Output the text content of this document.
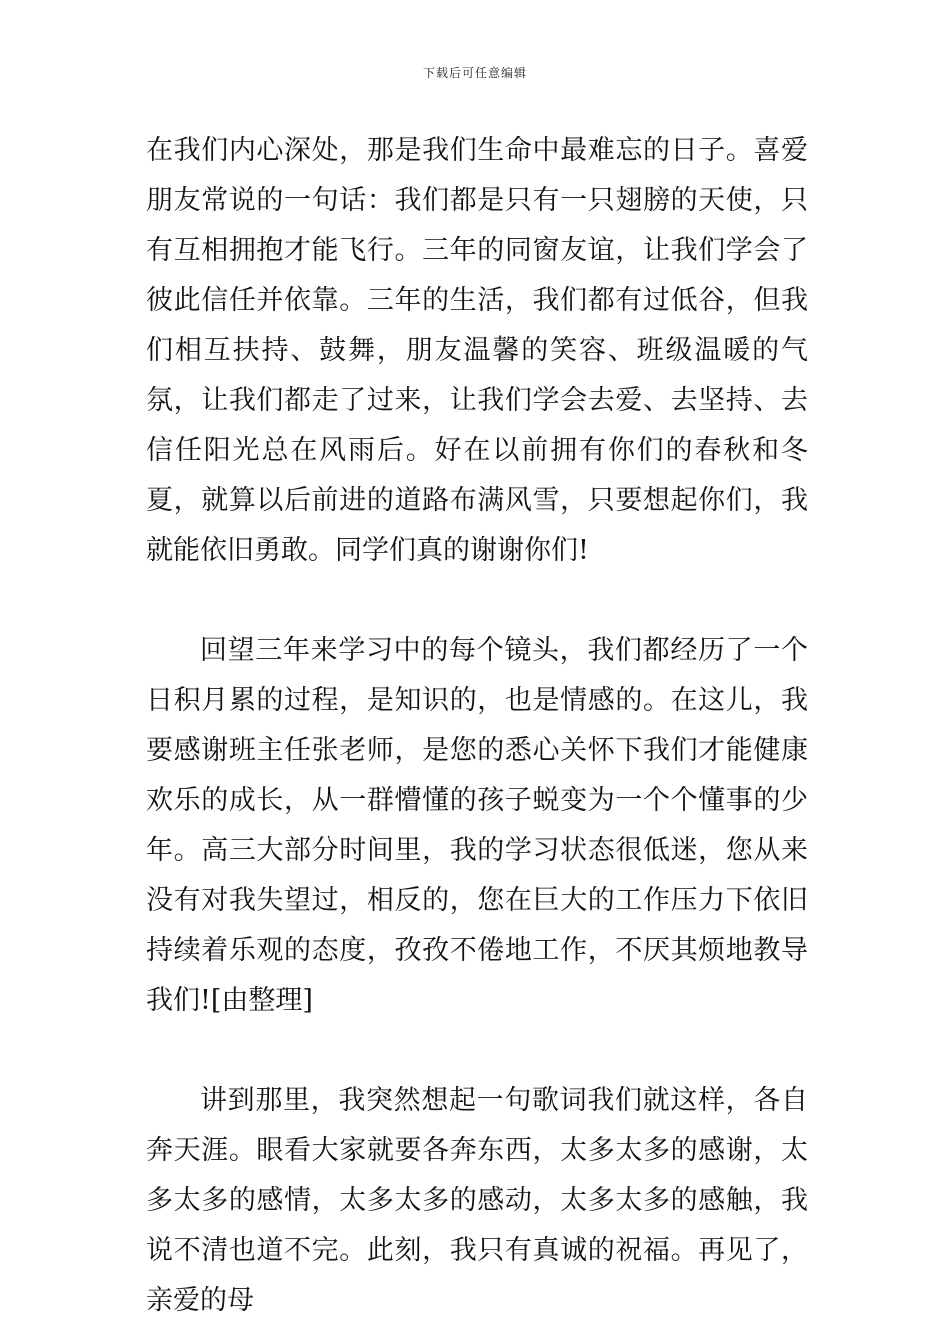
下载后可任意编辑

在我们内心深处，那是我们生命中最难忘的日子。喜爱朋友常说的一句话：我们都是只有一只翅膀的天使，只有互相拥抱才能飞行。三年的同窗友谊，让我们学会了彼此信任并依靠。三年的生活，我们都有过低谷，但我们相互扶持、鼓舞，朋友温馨的笑容、班级温暖的气氛，让我们都走了过来，让我们学会去爱、去坚持、去信任阳光总在风雨后。好在以前拥有你们的春秋和冬夏，就算以后前进的道路布满风雪，只要想起你们，我就能依旧勇敢。同学们真的谢谢你们!

回望三年来学习中的每个镜头，我们都经历了一个日积月累的过程，是知识的，也是情感的。在这儿，我要感谢班主任张老师，是您的悉心关怀下我们才能健康欢乐的成长，从一群懵懂的孩子蜕变为一个个懂事的少年。高三大部分时间里，我的学习状态很低迷，您从来没有对我失望过，相反的，您在巨大的工作压力下依旧持续着乐观的态度，孜孜不倦地工作，不厌其烦地教导我们![由整理]

讲到那里，我突然想起一句歌词我们就这样，各自奔天涯。眼看大家就要各奔东西，太多太多的感谢，太多太多的感情，太多太多的感动，太多太多的感触，我说不清也道不完。此刻，我只有真诚的祝福。再见了，亲爱的母
